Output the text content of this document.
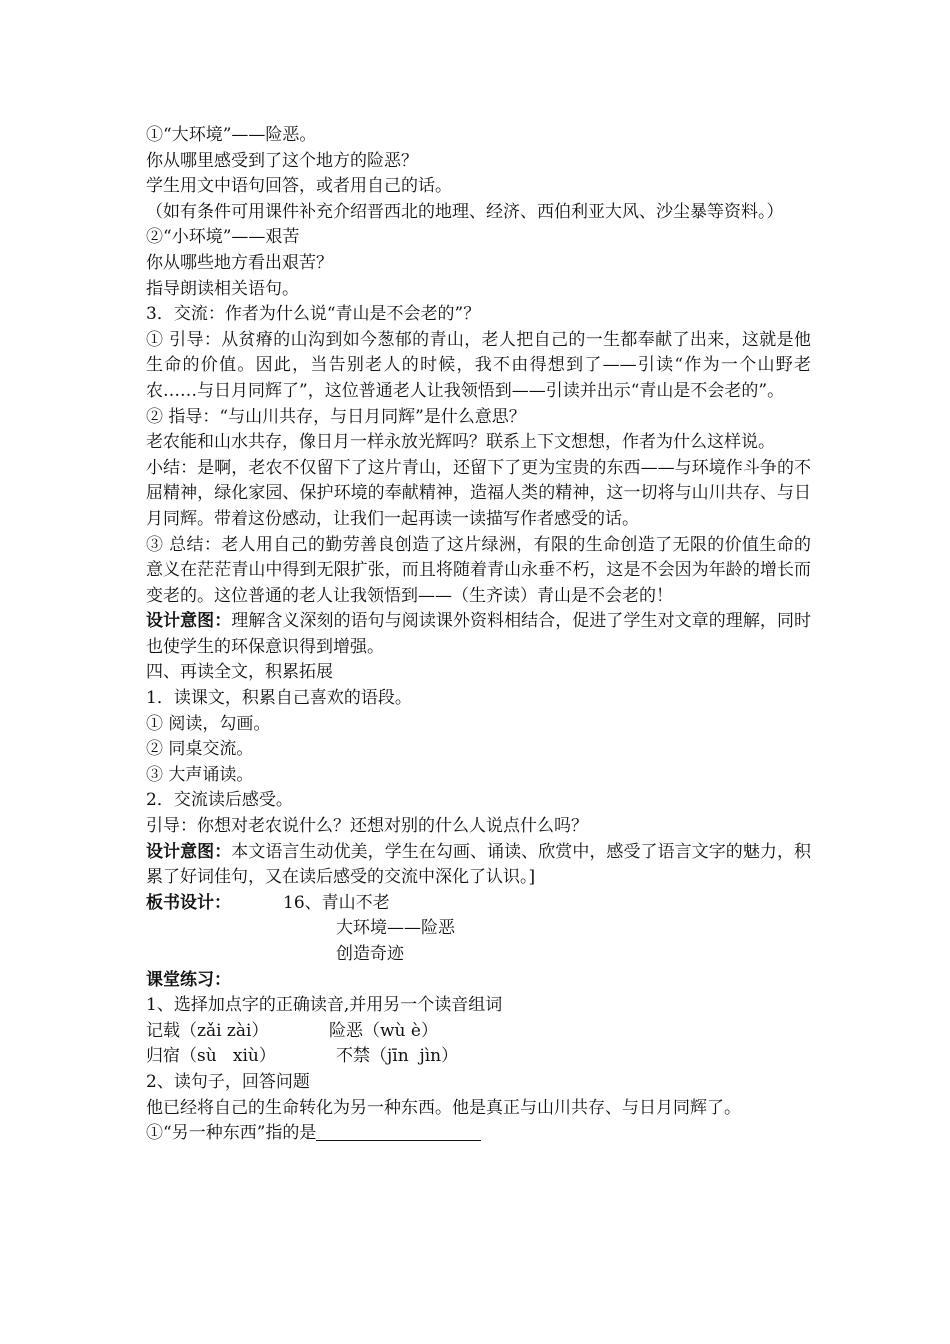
①“大环境”——险恶。

你从哪里感受到了这个地方的险恶？

学生用文中语句回答，或者用自己的话。

（如有条件可用课件补充介绍晋西北的地理、经济、西伯利亚大风、沙尘暴等资料。）

②“小环境”——艰苦

你从哪些地方看出艰苦？

指导朗读相关语句。

3．交流：作者为什么说“青山是不会老的”？

① 引导：从贫瘠的山沟到如今葱郁的青山，老人把自己的一生都奉献了出来，这就是他生命的价值。因此，当告别老人的时候，我不由得想到了——引读“作为一个山野老农……与日月同辉了”，这位普通老人让我领悟到——引读并出示“青山是不会老的”。

② 指导：“与山川共存，与日月同辉”是什么意思？

老农能和山水共存，像日月一样永放光辉吗？联系上下文想想，作者为什么这样说。

小结：是啊，老农不仅留下了这片青山，还留下了更为宝贵的东西——与环境作斗争的不屈精神，绿化家园、保护环境的奉献精神，造福人类的精神，这一切将与山川共存、与日月同辉。带着这份感动，让我们一起再读一读描写作者感受的话。

③ 总结：老人用自己的勤劳善良创造了这片绿洲，有限的生命创造了无限的价值生命的意义在茫茫青山中得到无限扩张，而且将随着青山永垂不朽，这是不会因为年龄的增长而变老的。这位普通的老人让我领悟到——（生齐读）青山是不会老的！

设计意图：理解含义深刻的语句与阅读课外资料相结合，促进了学生对文章的理解，同时也使学生的环保意识得到增强。

四、再读全文，积累拓展

1．读课文，积累自己喜欢的语段。

① 阅读，勾画。

② 同桌交流。

③ 大声诵读。

2．交流读后感受。

引导：你想对老农说什么？还想对别的什么人说点什么吗？

设计意图：本文语言生动优美，学生在勾画、诵读、欣赏中，感受了语言文字的魅力，积累了好词佳句，又在读后感受的交流中深化了认识。]

板书设计：	16、青山不老

大环境——险恶

创造奇迹

课堂练习：

1、选择加点字的正确读音,并用另一个读音组词

记载（zǎi zài）	险恶（wù è）

归宿（sù   xiù）	不禁（jīn  jìn）

2、读句子，回答问题

他已经将自己的生命转化为另一种东西。他是真正与山川共存、与日月同辉了。

①“另一种东西”指的是
